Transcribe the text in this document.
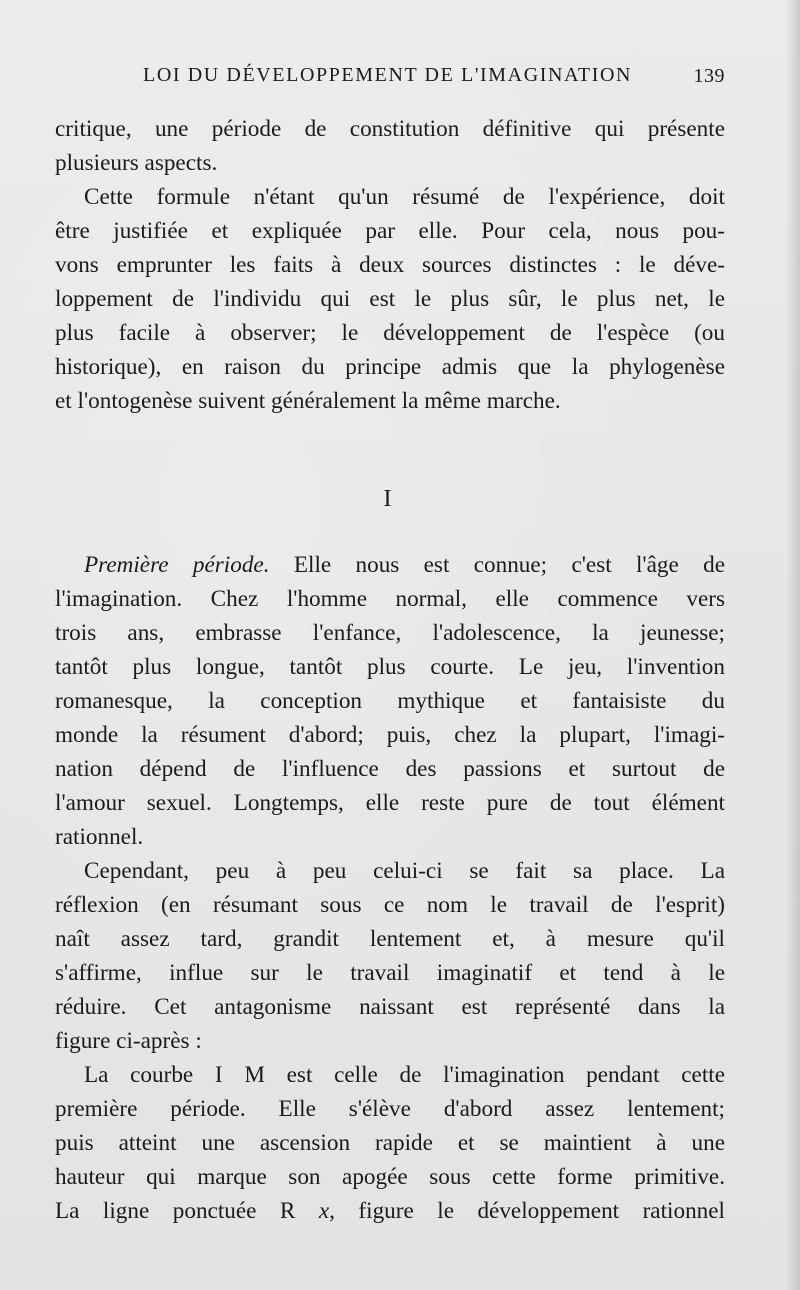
LOI DU DÉVELOPPEMENT DE L'IMAGINATION	139
critique, une période de constitution définitive qui présente
plusieurs aspects.
Cette formule n'étant qu'un résumé de l'expérience, doit
être justifiée et expliquée par elle. Pour cela, nous pou-
vons emprunter les faits à deux sources distinctes : le déve-
loppement de l'individu qui est le plus sûr, le plus net, le
plus facile à observer; le développement de l'espèce (ou
historique), en raison du principe admis que la phylogenèse
et l'ontogenèse suivent généralement la même marche.
I
Première période. Elle nous est connue; c'est l'âge de
l'imagination. Chez l'homme normal, elle commence vers
trois ans, embrasse l'enfance, l'adolescence, la jeunesse;
tantôt plus longue, tantôt plus courte. Le jeu, l'invention
romanesque, la conception mythique et fantaisiste du
monde la résument d'abord; puis, chez la plupart, l'imagi-
nation dépend de l'influence des passions et surtout de
l'amour sexuel. Longtemps, elle reste pure de tout élément
rationnel.
Cependant, peu à peu celui-ci se fait sa place. La
réflexion (en résumant sous ce nom le travail de l'esprit)
naît assez tard, grandit lentement et, à mesure qu'il
s'affirme, influe sur le travail imaginatif et tend à le
réduire. Cet antagonisme naissant est représenté dans la
figure ci-après :
La courbe I M est celle de l'imagination pendant cette
première période. Elle s'élève d'abord assez lentement;
puis atteint une ascension rapide et se maintient à une
hauteur qui marque son apogée sous cette forme primitive.
La ligne ponctuée R x, figure le développement rationnel
